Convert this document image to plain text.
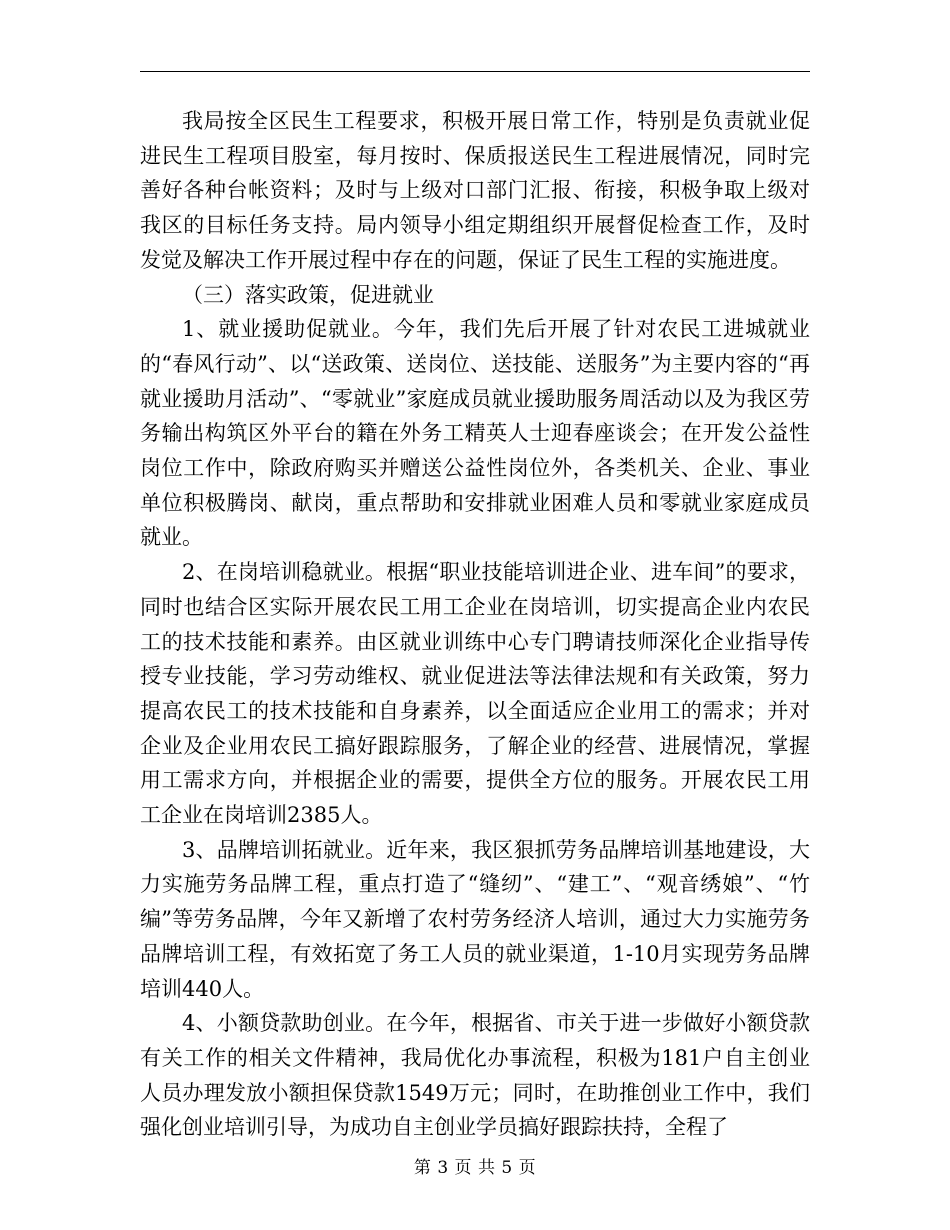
我局按全区民生工程要求，积极开展日常工作，特别是负责就业促进民生工程项目股室，每月按时、保质报送民生工程进展情况，同时完善好各种台帐资料；及时与上级对口部门汇报、衔接，积极争取上级对我区的目标任务支持。局内领导小组定期组织开展督促检查工作，及时发觉及解决工作开展过程中存在的问题，保证了民生工程的实施进度。

（三）落实政策，促进就业

1、就业援助促就业。今年，我们先后开展了针对农民工进城就业的“春风行动”、以“送政策、送岗位、送技能、送服务”为主要内容的“再就业援助月活动”、“零就业”家庭成员就业援助服务周活动以及为我区劳务输出构筑区外平台的籍在外务工精英人士迎春座谈会；在开发公益性岗位工作中，除政府购买并赠送公益性岗位外，各类机关、企业、事业单位积极腾岗、献岗，重点帮助和安排就业困难人员和零就业家庭成员就业。

2、在岗培训稳就业。根据“职业技能培训进企业、进车间”的要求，同时也结合区实际开展农民工用工企业在岗培训，切实提高企业内农民工的技术技能和素养。由区就业训练中心专门聘请技师深化企业指导传授专业技能，学习劳动维权、就业促进法等法律法规和有关政策，努力提高农民工的技术技能和自身素养，以全面适应企业用工的需求；并对企业及企业用农民工搞好跟踪服务，了解企业的经营、进展情况，掌握用工需求方向，并根据企业的需要，提供全方位的服务。开展农民工用工企业在岗培训2385人。

3、品牌培训拓就业。近年来，我区狠抓劳务品牌培训基地建设，大力实施劳务品牌工程，重点打造了“缝纫”、“建工”、“观音绣娘”、“竹编”等劳务品牌，今年又新增了农村劳务经济人培训，通过大力实施劳务品牌培训工程，有效拓宽了务工人员的就业渠道，1-10月实现劳务品牌培训440人。

4、小额贷款助创业。在今年，根据省、市关于进一步做好小额贷款有关工作的相关文件精神，我局优化办事流程，积极为181户自主创业人员办理发放小额担保贷款1549万元；同时，在助推创业工作中，我们强化创业培训引导，为成功自主创业学员搞好跟踪扶持，全程了

第 3 页 共 5 页
